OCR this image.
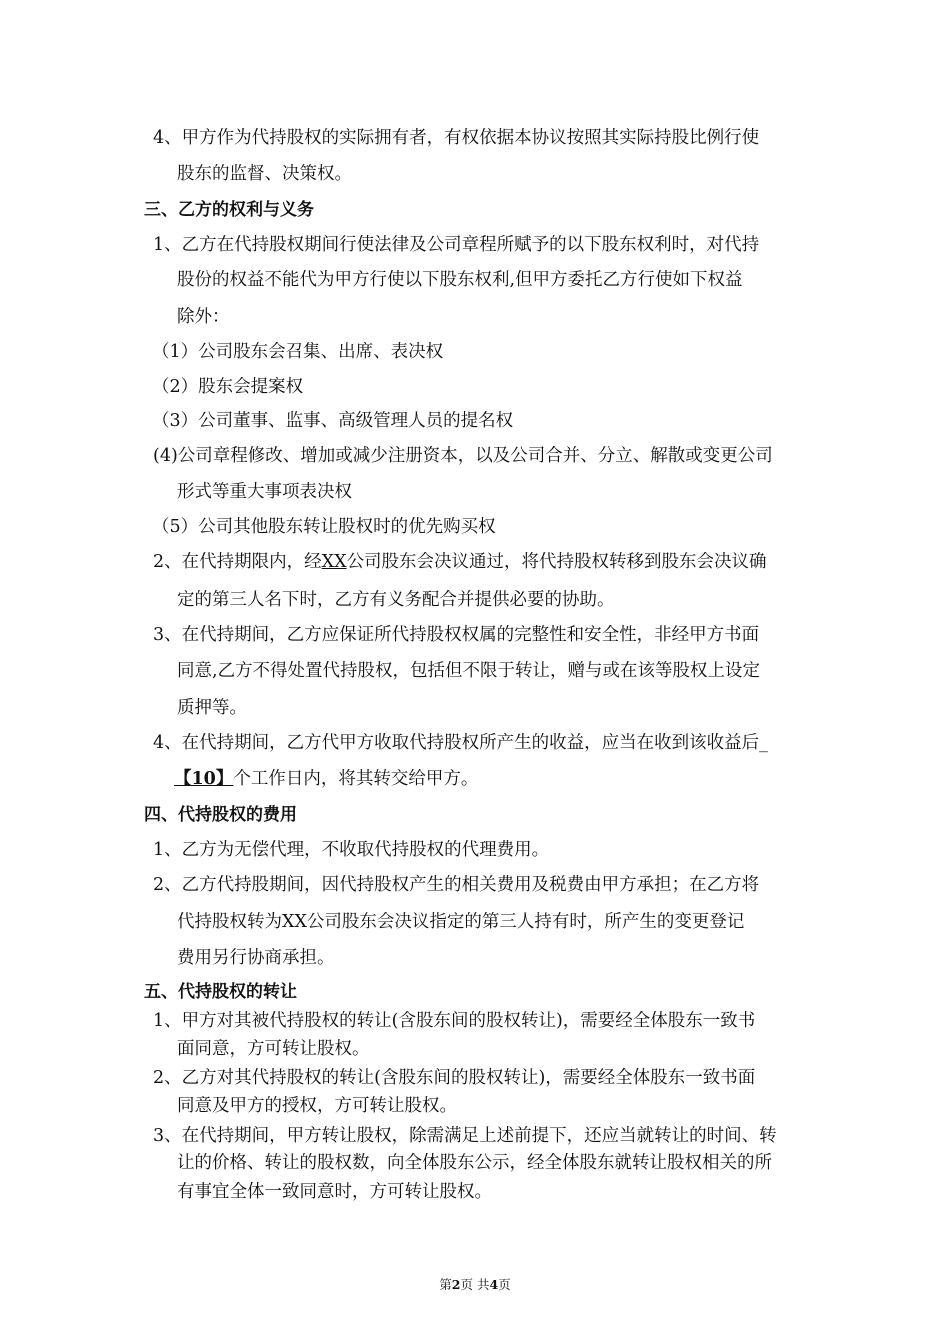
4、甲方作为代持股权的实际拥有者，有权依据本协议按照其实际持股比例行使
股东的监督、决策权。
三、乙方的权利与义务
1、乙方在代持股权期间行使法律及公司章程所赋予的以下股东权利时，对代持
股份的权益不能代为甲方行使以下股东权利,但甲方委托乙方行使如下权益
除外：
（1）公司股东会召集、出席、表决权
（2）股东会提案权
（3）公司董事、监事、高级管理人员的提名权
(4)公司章程修改、增加或减少注册资本，以及公司合并、分立、解散或变更公司
形式等重大事项表决权
（5）公司其他股东转让股权时的优先购买权
2、在代持期限内，经XX公司股东会决议通过，将代持股权转移到股东会决议确
定的第三人名下时，乙方有义务配合并提供必要的协助。
3、在代持期间，乙方应保证所代持股权权属的完整性和安全性，非经甲方书面
同意,乙方不得处置代持股权，包括但不限于转让，赠与或在该等股权上设定
质押等。
4、在代持期间，乙方代甲方收取代持股权所产生的收益，应当在收到该收益后_
【10】个工作日内，将其转交给甲方。
四、代持股权的费用
1、乙方为无偿代理，不收取代持股权的代理费用。
2、乙方代持股期间，因代持股权产生的相关费用及税费由甲方承担；在乙方将
代持股权转为XX公司股东会决议指定的第三人持有时，所产生的变更登记
费用另行协商承担。
五、代持股权的转让
1、甲方对其被代持股权的转让(含股东间的股权转让)，需要经全体股东一致书
面同意，方可转让股权。
2、乙方对其代持股权的转让(含股东间的股权转让)，需要经全体股东一致书面
同意及甲方的授权，方可转让股权。
3、在代持期间，甲方转让股权，除需满足上述前提下，还应当就转让的时间、转
让的价格、转让的股权数，向全体股东公示，经全体股东就转让股权相关的所
有事宜全体一致同意时，方可转让股权。
第2页 共4页
